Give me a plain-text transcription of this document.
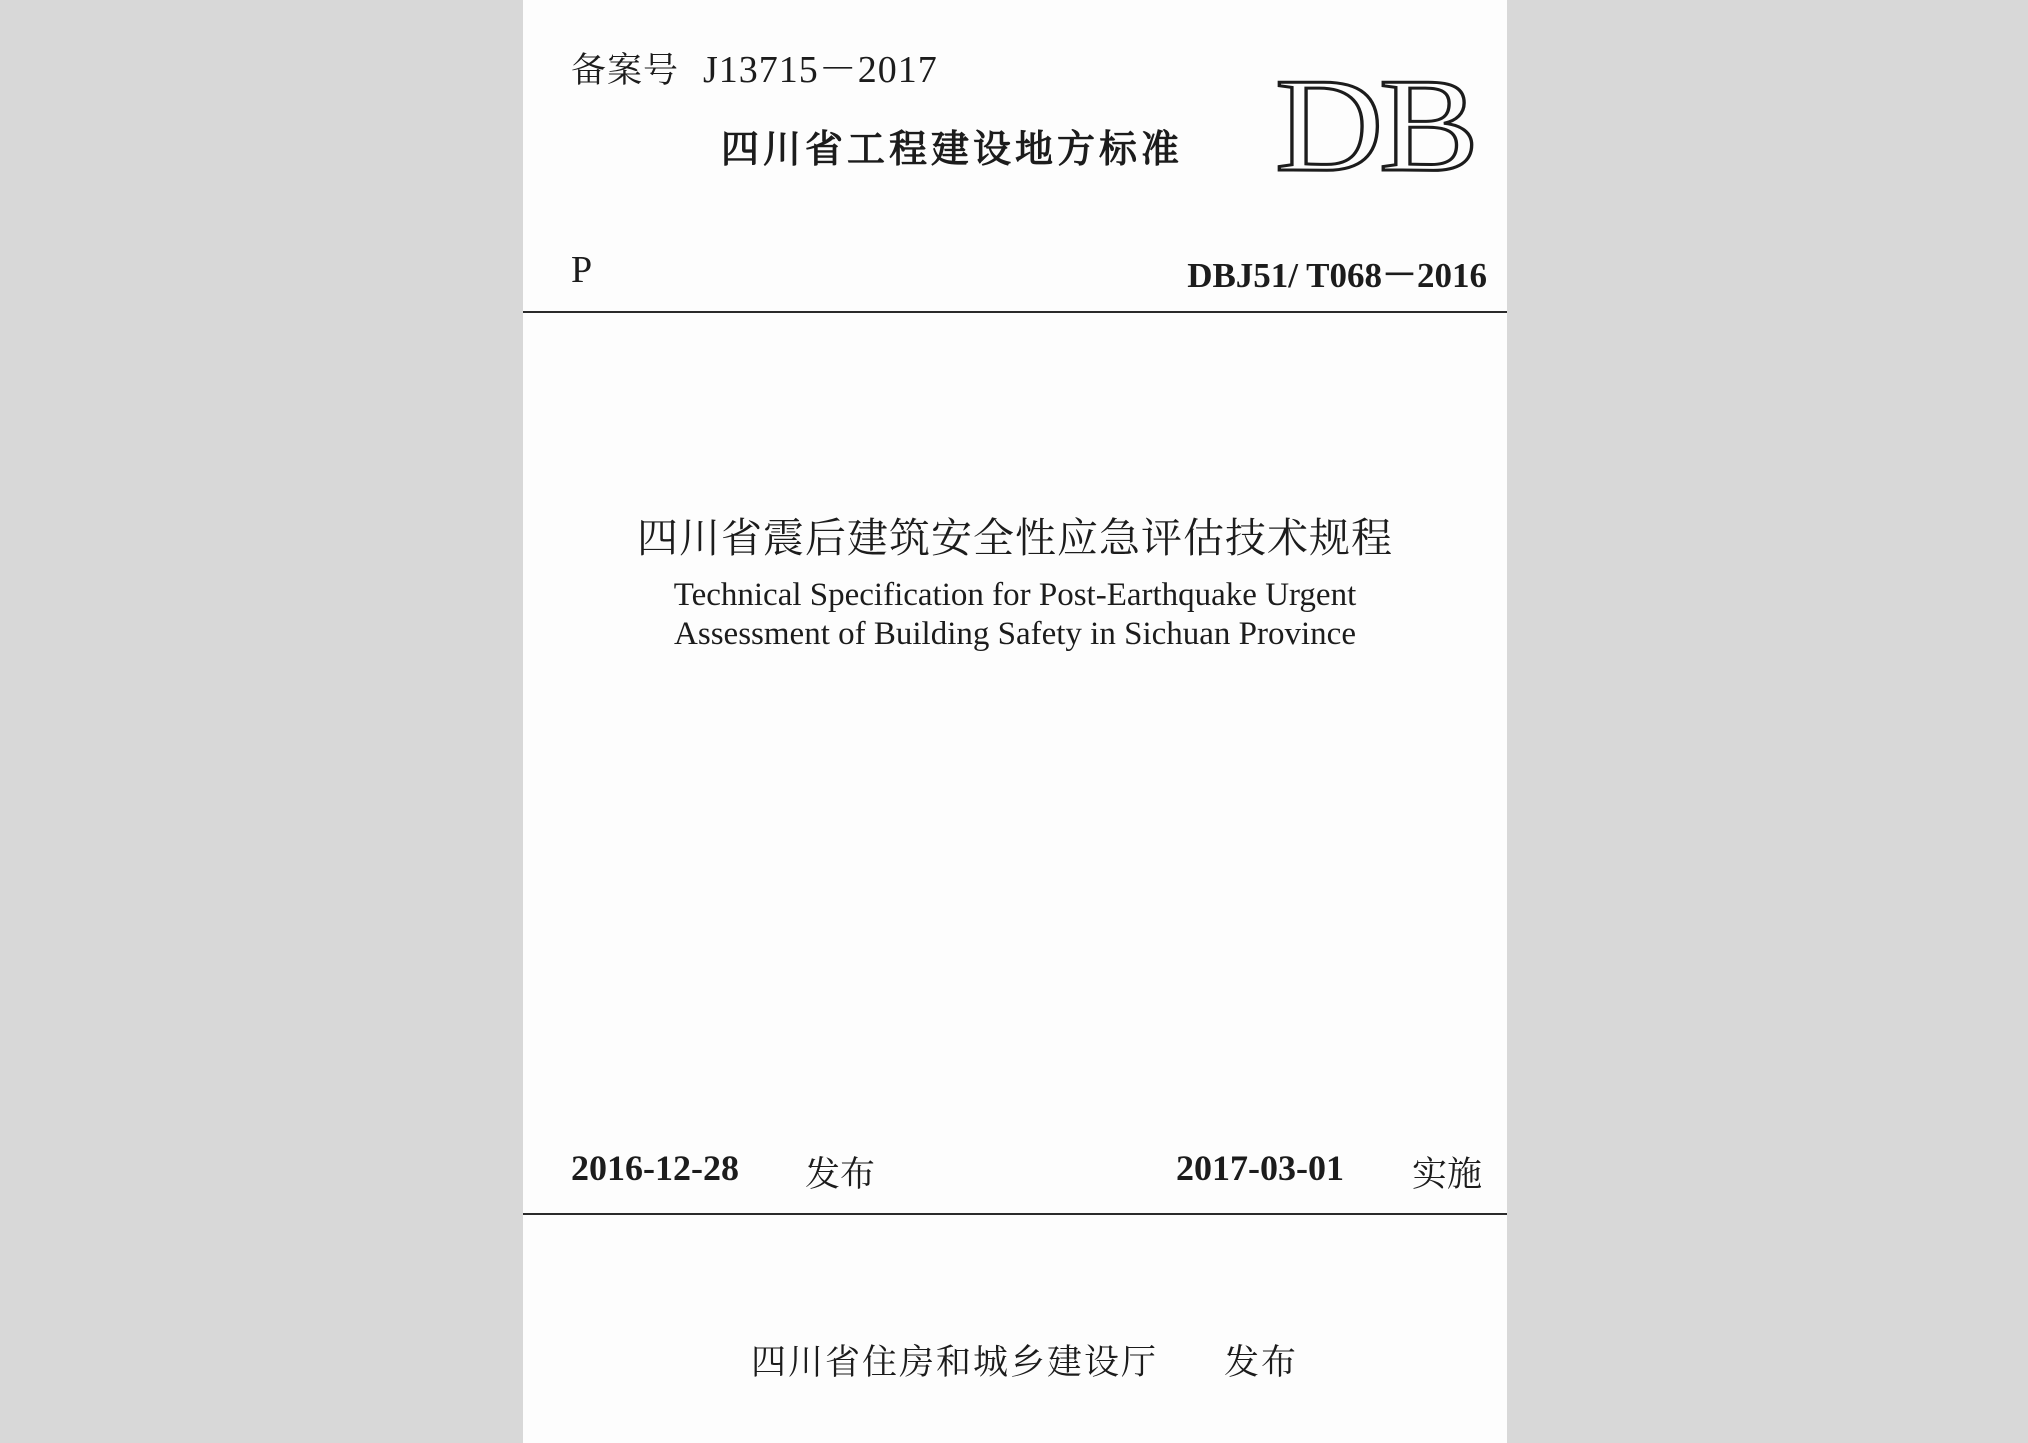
备案号 J13715－2017
四川省工程建设地方标准 DB
P	DBJ51/ T068－2016
四川省震后建筑安全性应急评估技术规程
Technical Specification for Post-Earthquake Urgent
Assessment of Building Safety in Sichuan Province
2016-12-28 发布	2017-03-01 实施
四川省住房和城乡建设厅 发布
